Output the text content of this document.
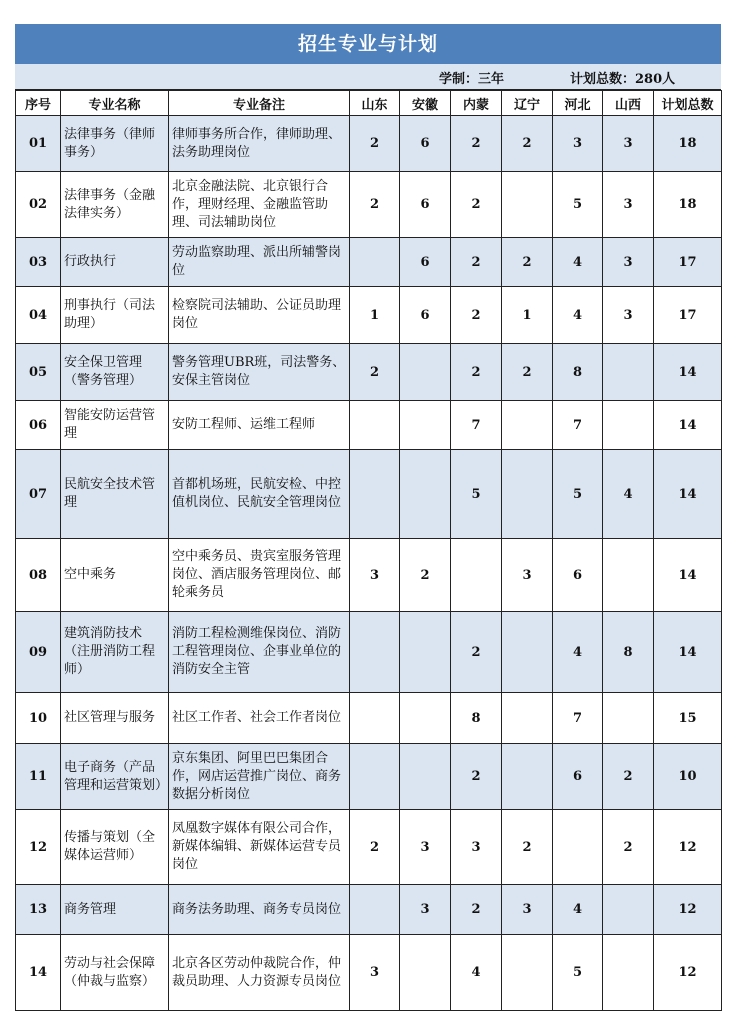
招生专业与计划
学制：三年	计划总数：280人
序号	专业名称	专业备注	山东	安徽	内蒙	辽宁	河北	山西	计划总数
01	法律事务（律师事务）	律师事务所合作，律师助理、法务助理岗位	2	6	2	2	3	3	18
02	法律事务（金融法律实务）	北京金融法院、北京银行合作，理财经理、金融监管助理、司法辅助岗位	2	6	2		5	3	18
03	行政执行	劳动监察助理、派出所辅警岗位		6	2	2	4	3	17
04	刑事执行（司法助理）	检察院司法辅助、公证员助理岗位	1	6	2	1	4	3	17
05	安全保卫管理（警务管理）	警务管理UBR班，司法警务、安保主管岗位	2		2	2	8		14
06	智能安防运营管理	安防工程师、运维工程师			7		7		14
07	民航安全技术管理	首都机场班，民航安检、中控值机岗位、民航安全管理岗位			5		5	4	14
08	空中乘务	空中乘务员、贵宾室服务管理岗位、酒店服务管理岗位、邮轮乘务员	3	2		3	6		14
09	建筑消防技术（注册消防工程师）	消防工程检测维保岗位、消防工程管理岗位、企事业单位的消防安全主管			2		4	8	14
10	社区管理与服务	社区工作者、社会工作者岗位			8		7		15
11	电子商务（产品管理和运营策划）	京东集团、阿里巴巴集团合作，网店运营推广岗位、商务数据分析岗位			2		6	2	10
12	传播与策划（全媒体运营师）	凤凰数字媒体有限公司合作，新媒体编辑、新媒体运营专员岗位	2	3	3	2		2	12
13	商务管理	商务法务助理、商务专员岗位		3	2	3	4		12
14	劳动与社会保障（仲裁与监察）	北京各区劳动仲裁院合作，仲裁员助理、人力资源专员岗位	3		4		5		12
